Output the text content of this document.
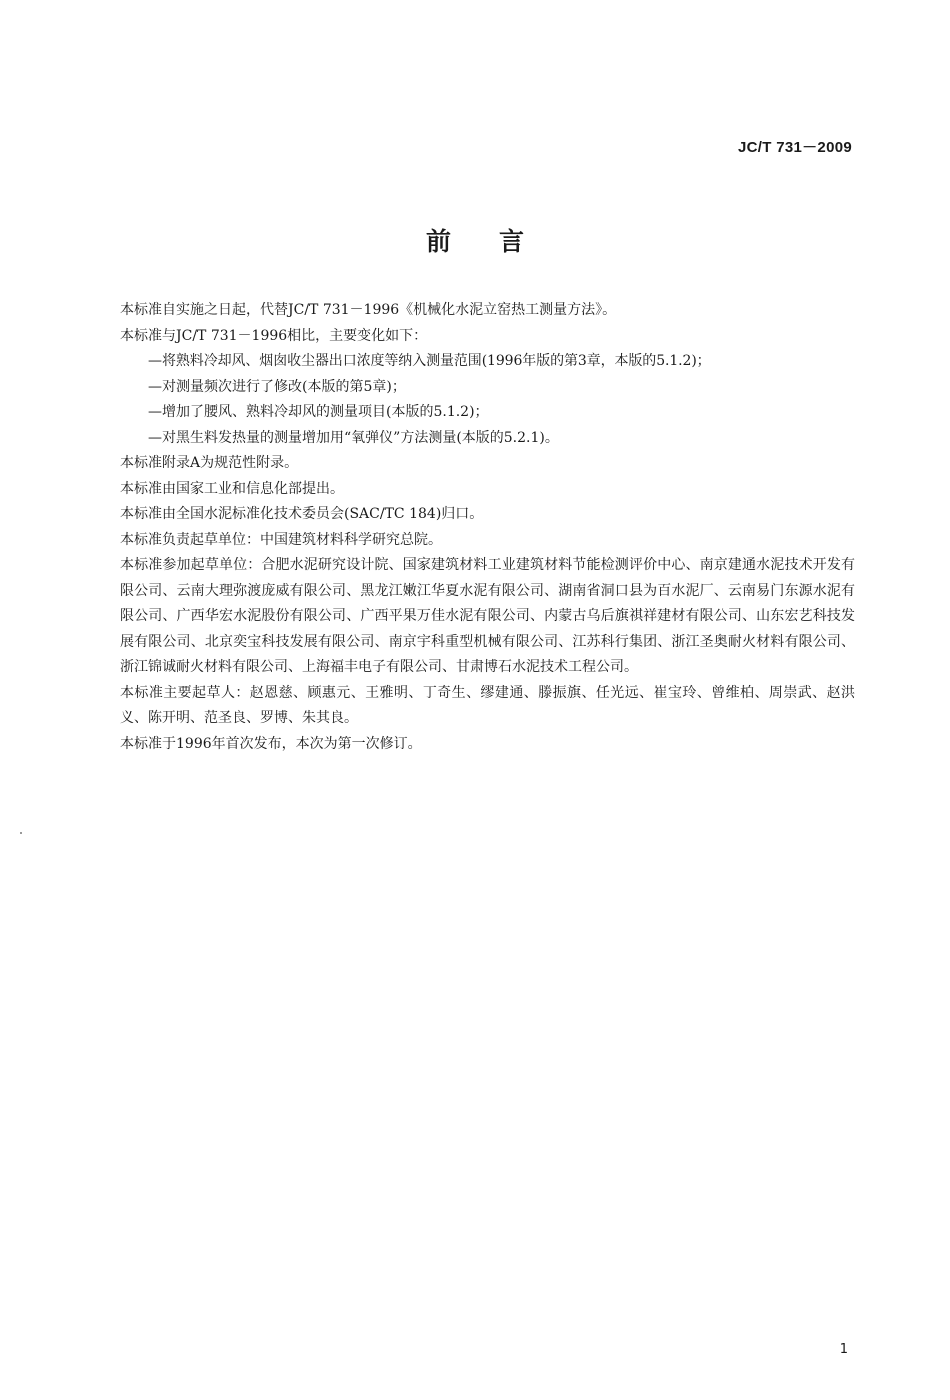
JC/T 731－2009
前言

本标准自实施之日起，代替JC/T 731－1996《机械化水泥立窑热工测量方法》。

本标准与JC/T 731－1996相比，主要变化如下：

—将熟料冷却风、烟囱收尘器出口浓度等纳入测量范围(1996年版的第3章，本版的5.1.2)；

—对测量频次进行了修改(本版的第5章)；

—增加了腰风、熟料冷却风的测量项目(本版的5.1.2)；

—对黑生料发热量的测量增加用“氧弹仪”方法测量(本版的5.2.1)。

本标准附录A为规范性附录。

本标准由国家工业和信息化部提出。

本标准由全国水泥标准化技术委员会(SAC/TC 184)归口。

本标准负责起草单位：中国建筑材料科学研究总院。

本标准参加起草单位：合肥水泥研究设计院、国家建筑材料工业建筑材料节能检测评价中心、南京建通水泥技术开发有限公司、云南大理弥渡庞威有限公司、黑龙江嫩江华夏水泥有限公司、湖南省洞口县为百水泥厂、云南易门东源水泥有限公司、广西华宏水泥股份有限公司、广西平果万佳水泥有限公司、内蒙古乌后旗祺祥建材有限公司、山东宏艺科技发展有限公司、北京奕宝科技发展有限公司、南京宇科重型机械有限公司、江苏科行集团、浙江圣奥耐火材料有限公司、浙江锦诚耐火材料有限公司、上海福丰电子有限公司、甘肃博石水泥技术工程公司。

本标准主要起草人：赵恩慈、顾惠元、王雅明、丁奇生、缪建通、滕振旗、任光远、崔宝玲、曾维柏、周崇武、赵洪义、陈开明、范圣良、罗博、朱其良。

本标准于1996年首次发布，本次为第一次修订。

1
